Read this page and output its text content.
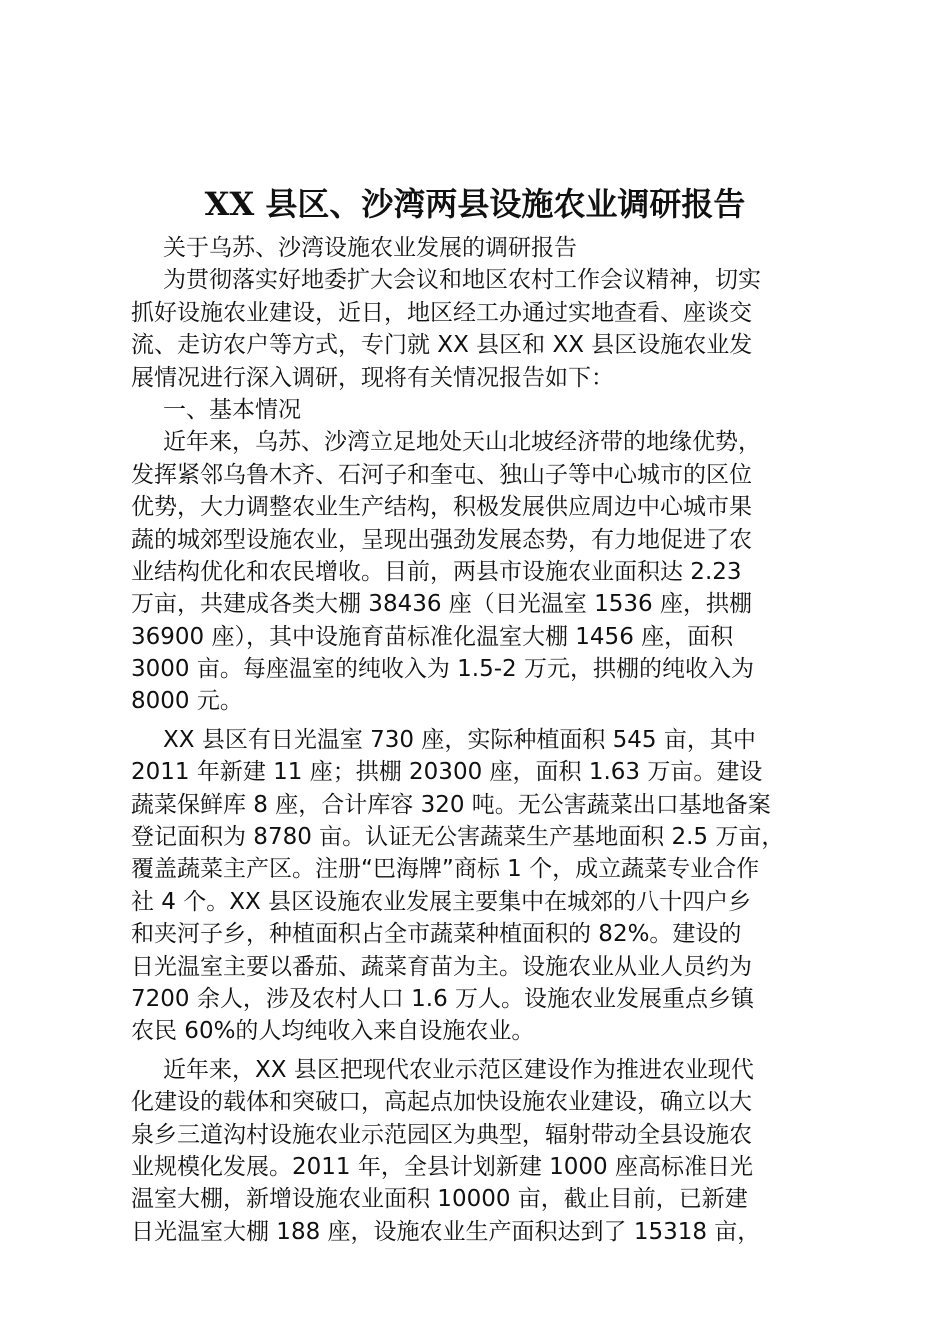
XX 县区、沙湾两县设施农业调研报告
关于乌苏、沙湾设施农业发展的调研报告
为贯彻落实好地委扩大会议和地区农村工作会议精神，切实
抓好设施农业建设，近日，地区经工办通过实地查看、座谈交
流、走访农户等方式，专门就 XX 县区和 XX 县区设施农业发
展情况进行深入调研，现将有关情况报告如下：
一、基本情况
近年来，乌苏、沙湾立足地处天山北坡经济带的地缘优势，
发挥紧邻乌鲁木齐、石河子和奎屯、独山子等中心城市的区位
优势，大力调整农业生产结构，积极发展供应周边中心城市果
蔬的城郊型设施农业，呈现出强劲发展态势，有力地促进了农
业结构优化和农民增收。目前，两县市设施农业面积达 2.23
万亩，共建成各类大棚 38436 座（日光温室 1536 座，拱棚
36900 座），其中设施育苗标准化温室大棚 1456 座，面积
3000 亩。每座温室的纯收入为 1.5-2 万元，拱棚的纯收入为
8000 元。
XX 县区有日光温室 730 座，实际种植面积 545 亩，其中
2011 年新建 11 座；拱棚 20300 座，面积 1.63 万亩。建设
蔬菜保鲜库 8 座，合计库容 320 吨。无公害蔬菜出口基地备案
登记面积为 8780 亩。认证无公害蔬菜生产基地面积 2.5 万亩，
覆盖蔬菜主产区。注册“巴海牌”商标 1 个，成立蔬菜专业合作
社 4 个。XX 县区设施农业发展主要集中在城郊的八十四户乡
和夹河子乡，种植面积占全市蔬菜种植面积的 82%。建设的
日光温室主要以番茄、蔬菜育苗为主。设施农业从业人员约为
7200 余人，涉及农村人口 1.6 万人。设施农业发展重点乡镇
农民 60%的人均纯收入来自设施农业。
近年来，XX 县区把现代农业示范区建设作为推进农业现代
化建设的载体和突破口，高起点加快设施农业建设，确立以大
泉乡三道沟村设施农业示范园区为典型，辐射带动全县设施农
业规模化发展。2011 年，全县计划新建 1000 座高标准日光
温室大棚，新增设施农业面积 10000 亩，截止目前，已新建
日光温室大棚 188 座，设施农业生产面积达到了 15318 亩，
